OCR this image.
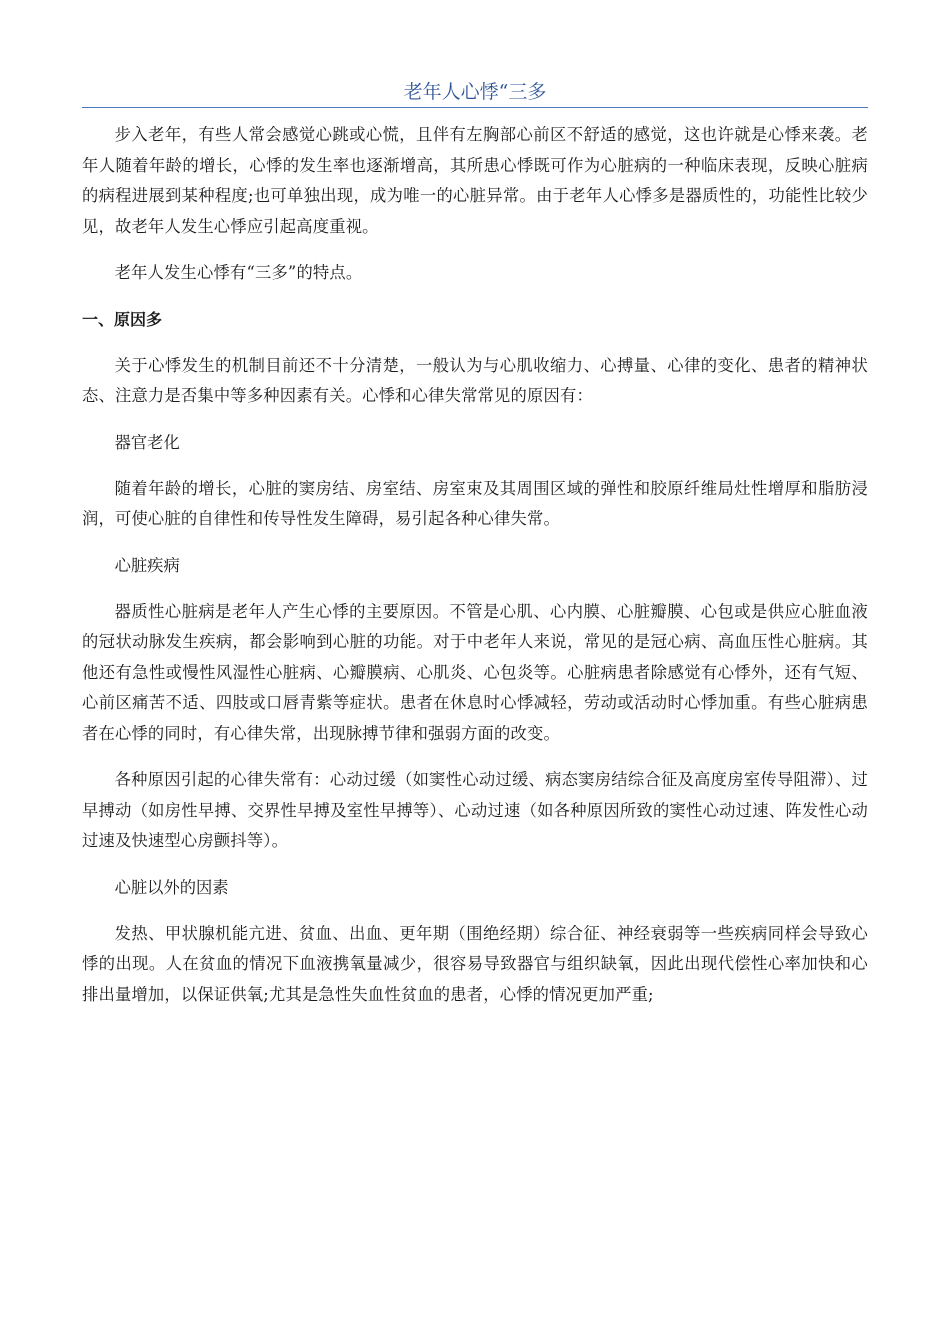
老年人心悸“三多

步入老年，有些人常会感觉心跳或心慌，且伴有左胸部心前区不舒适的感觉，这也许就是心悸来袭。老年人随着年龄的增长，心悸的发生率也逐渐增高，其所患心悸既可作为心脏病的一种临床表现，反映心脏病的病程进展到某种程度;也可单独出现，成为唯一的心脏异常。由于老年人心悸多是器质性的，功能性比较少见，故老年人发生心悸应引起高度重视。

老年人发生心悸有“三多”的特点。

一、原因多

关于心悸发生的机制目前还不十分清楚，一般认为与心肌收缩力、心搏量、心律的变化、患者的精神状态、注意力是否集中等多种因素有关。心悸和心律失常常见的原因有：

器官老化

随着年龄的增长，心脏的窦房结、房室结、房室束及其周围区域的弹性和胶原纤维局灶性增厚和脂肪浸润，可使心脏的自律性和传导性发生障碍，易引起各种心律失常。

心脏疾病

器质性心脏病是老年人产生心悸的主要原因。不管是心肌、心内膜、心脏瓣膜、心包或是供应心脏血液的冠状动脉发生疾病，都会影响到心脏的功能。对于中老年人来说，常见的是冠心病、高血压性心脏病。其他还有急性或慢性风湿性心脏病、心瓣膜病、心肌炎、心包炎等。心脏病患者除感觉有心悸外，还有气短、心前区痛苦不适、四肢或口唇青紫等症状。患者在休息时心悸减轻，劳动或活动时心悸加重。有些心脏病患者在心悸的同时，有心律失常，出现脉搏节律和强弱方面的改变。

各种原因引起的心律失常有：心动过缓（如窦性心动过缓、病态窦房结综合征及高度房室传导阻滞）、过早搏动（如房性早搏、交界性早搏及室性早搏等）、心动过速（如各种原因所致的窦性心动过速、阵发性心动过速及快速型心房颤抖等）。

心脏以外的因素

发热、甲状腺机能亢进、贫血、出血、更年期（围绝经期）综合征、神经衰弱等一些疾病同样会导致心悸的出现。人在贫血的情况下血液携氧量减少，很容易导致器官与组织缺氧，因此出现代偿性心率加快和心排出量增加，以保证供氧;尤其是急性失血性贫血的患者，心悸的情况更加严重;
